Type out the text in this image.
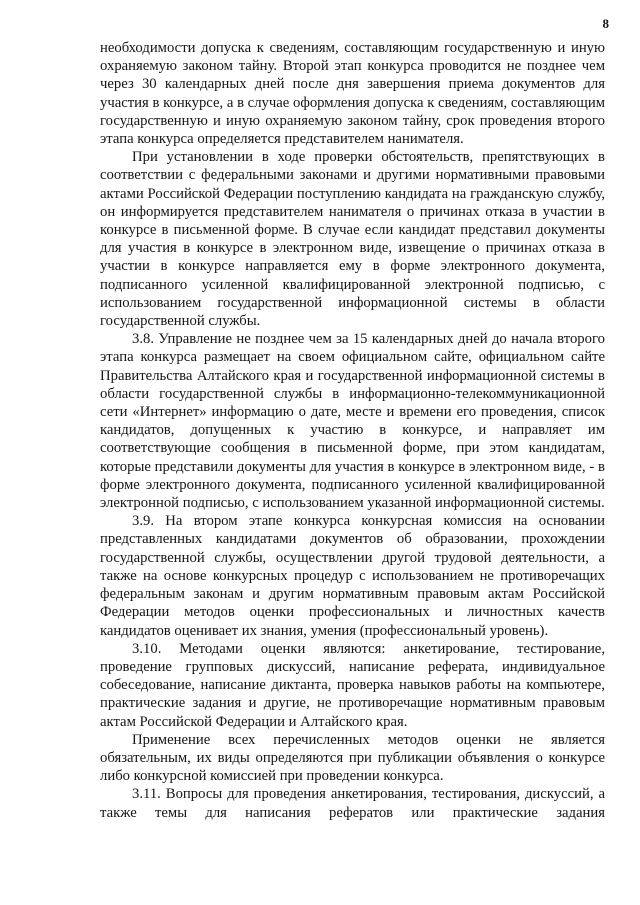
8

необходимости допуска к сведениям, составляющим государственную и иную охраняемую законом тайну. Второй этап конкурса проводится не позднее чем через 30 календарных дней после дня завершения приема документов для участия в конкурсе, а в случае оформления допуска к сведениям, составляющим государственную и иную охраняемую законом тайну, срок проведения второго этапа конкурса определяется представителем нанимателя.

При установлении в ходе проверки обстоятельств, препятствующих в соответствии с федеральными законами и другими нормативными правовыми актами Российской Федерации поступлению кандидата на гражданскую службу, он информируется представителем нанимателя о причинах отказа в участии в конкурсе в письменной форме. В случае если кандидат представил документы для участия в конкурсе в электронном виде, извещение о причинах отказа в участии в конкурсе направляется ему в форме электронного документа, подписанного усиленной квалифицированной электронной подписью, с использованием государственной информационной системы в области государственной службы.

3.8. Управление не позднее чем за 15 календарных дней до начала второго этапа конкурса размещает на своем официальном сайте, официальном сайте Правительства Алтайского края и государственной информационной системы в области государственной службы в информационно-телекоммуникационной сети «Интернет» информацию о дате, месте и времени его проведения, список кандидатов, допущенных к участию в конкурсе, и направляет им соответствующие сообщения в письменной форме, при этом кандидатам, которые представили документы для участия в конкурсе в электронном виде, - в форме электронного документа, подписанного усиленной квалифицированной электронной подписью, с использованием указанной информационной системы.

3.9. На втором этапе конкурса конкурсная комиссия на основании представленных кандидатами документов об образовании, прохождении государственной службы, осуществлении другой трудовой деятельности, а также на основе конкурсных процедур с использованием не противоречащих федеральным законам и другим нормативным правовым актам Российской Федерации методов оценки профессиональных и личностных качеств кандидатов оценивает их знания, умения (профессиональный уровень).

3.10. Методами оценки являются: анкетирование, тестирование, проведение групповых дискуссий, написание реферата, индивидуальное собеседование, написание диктанта, проверка навыков работы на компьютере, практические задания и другие, не противоречащие нормативным правовым актам Российской Федерации и Алтайского края.

Применение всех перечисленных методов оценки не является обязательным, их виды определяются при публикации объявления о конкурсе либо конкурсной комиссией при проведении конкурса.

3.11. Вопросы для проведения анкетирования, тестирования, дискуссий, а также темы для написания рефератов или практические задания
